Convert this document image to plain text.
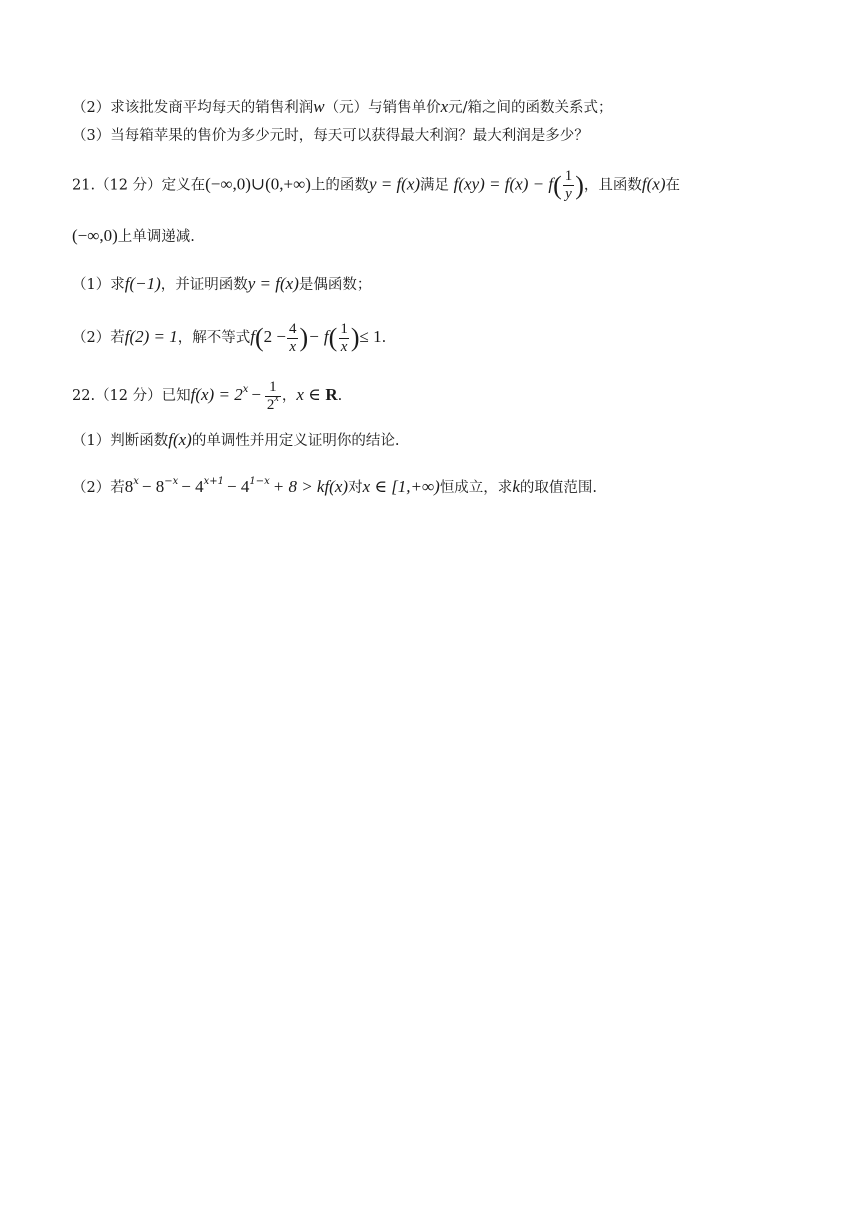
（2）求该批发商平均每天的销售利润w（元）与销售单价x元/箱之间的函数关系式；
（3）当每箱苹果的售价为多少元时，每天可以获得最大利润？最大利润是多少？
21.（12 分）定义在(−∞,0)∪(0,+∞)上的函数y = f(x)满足 $f(xy) = f(x) - f( \frac{1}{y}$ )，且函数f(x)在
(−∞,0)上单调递减.
（1）求f(−1)，并证明函数y = f(x)是偶函数；
（2）若f(2) = 1，解不等式$f(2 - \frac{4}{x}$ )− $f( \frac{1}{x}$ )≤ 1.
22.（12 分）已知$f(x) = 2^x - \frac{1}{2^x}$ ，x ∈ R.
（1）判断函数f(x)的单调性并用定义证明你的结论.
（2）若$8^x - 8^{-x} - 4^{x+1} - 4^{1-x} + 8 > kf(x)$对x ∈ [1,+∞)恒成立，求k的取值范围.
